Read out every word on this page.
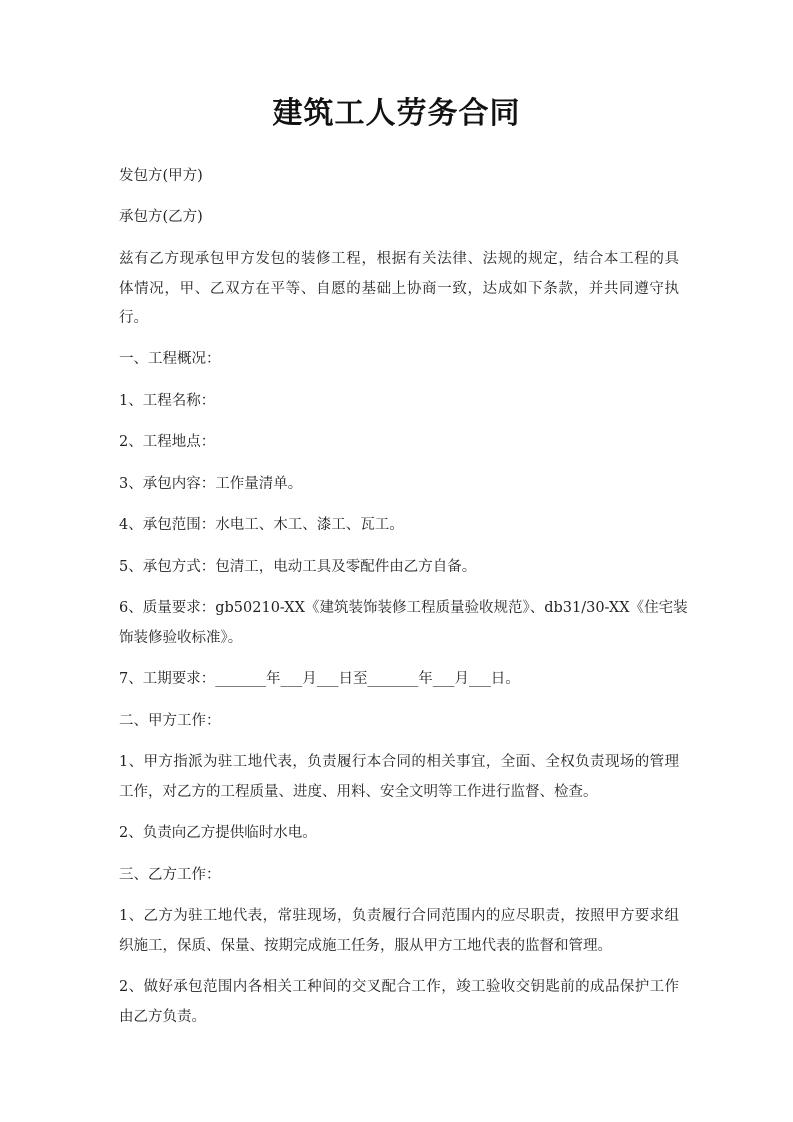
建筑工人劳务合同
发包方(甲方)
承包方(乙方)
兹有乙方现承包甲方发包的装修工程，根据有关法律、法规的规定，结合本工程的具
体情况，甲、乙双方在平等、自愿的基础上协商一致，达成如下条款，并共同遵守执
行。
一、工程概况：
1、工程名称：
2、工程地点：
3、承包内容：工作量清单。
4、承包范围：水电工、木工、漆工、瓦工。
5、承包方式：包清工，电动工具及零配件由乙方自备。
6、质量要求：gb50210-XX《建筑装饰装修工程质量验收规范》、db31/30-XX《住宅装
饰装修验收标准》。
7、工期要求：_______年___月___日至_______年___月___日。
二、甲方工作：
1、甲方指派为驻工地代表，负责履行本合同的相关事宜，全面、全权负责现场的管理
工作，对乙方的工程质量、进度、用料、安全文明等工作进行监督、检查。
2、负责向乙方提供临时水电。
三、乙方工作：
1、乙方为驻工地代表，常驻现场，负责履行合同范围内的应尽职责，按照甲方要求组
织施工，保质、保量、按期完成施工任务，服从甲方工地代表的监督和管理。
2、做好承包范围内各相关工种间的交叉配合工作，竣工验收交钥匙前的成品保护工作
由乙方负责。
